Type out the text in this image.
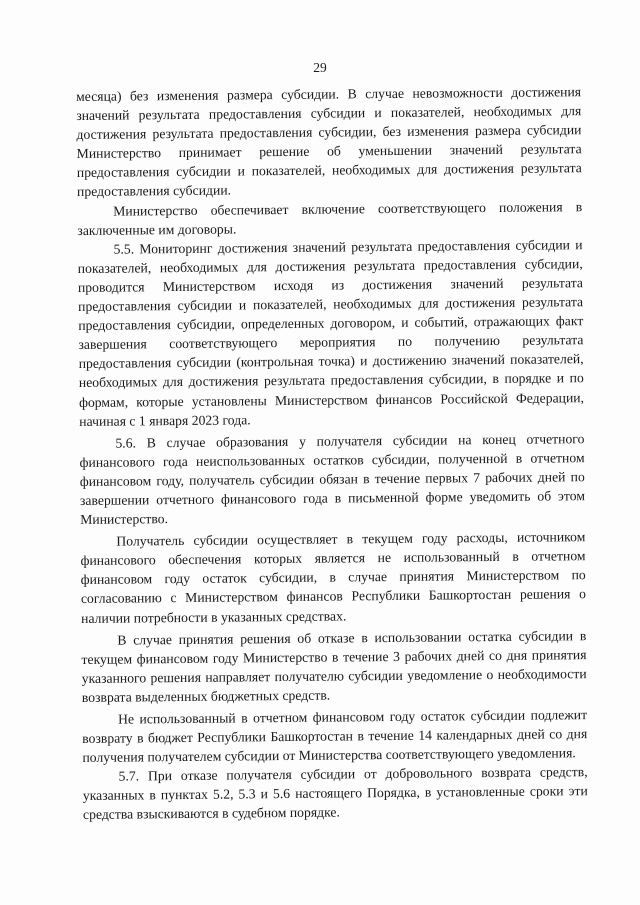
29

месяца) без изменения размера субсидии. В случае невозможности достижения значений результата предоставления субсидии и показателей, необходимых для достижения результата предоставления субсидии, без изменения размера субсидии Министерство принимает решение об уменьшении значений результата предоставления субсидии и показателей, необходимых для достижения результата предоставления субсидии.

Министерство обеспечивает включение соответствующего положения в заключенные им договоры.

5.5. Мониторинг достижения значений результата предоставления субсидии и показателей, необходимых для достижения результата предоставления субсидии, проводится Министерством исходя из достижения значений результата предоставления субсидии и показателей, необходимых для достижения результата предоставления субсидии, определенных договором, и событий, отражающих факт завершения соответствующего мероприятия по получению результата предоставления субсидии (контрольная точка) и достижению значений показателей, необходимых для достижения результата предоставления субсидии, в порядке и по формам, которые установлены Министерством финансов Российской Федерации, начиная с 1 января 2023 года.

5.6. В случае образования у получателя субсидии на конец отчетного финансового года неиспользованных остатков субсидии, полученной в отчетном финансовом году, получатель субсидии обязан в течение первых 7 рабочих дней по завершении отчетного финансового года в письменной форме уведомить об этом Министерство.

Получатель субсидии осуществляет в текущем году расходы, источником финансового обеспечения которых является не использованный в отчетном финансовом году остаток субсидии, в случае принятия Министерством по согласованию с Министерством финансов Республики Башкортостан решения о наличии потребности в указанных средствах.

В случае принятия решения об отказе в использовании остатка субсидии в текущем финансовом году Министерство в течение 3 рабочих дней со дня принятия указанного решения направляет получателю субсидии уведомление о необходимости возврата выделенных бюджетных средств.

Не использованный в отчетном финансовом году остаток субсидии подлежит возврату в бюджет Республики Башкортостан в течение 14 календарных дней со дня получения получателем субсидии от Министерства соответствующего уведомления.

5.7. При отказе получателя субсидии от добровольного возврата средств, указанных в пунктах 5.2, 5.3 и 5.6 настоящего Порядка, в установленные сроки эти средства взыскиваются в судебном порядке.
